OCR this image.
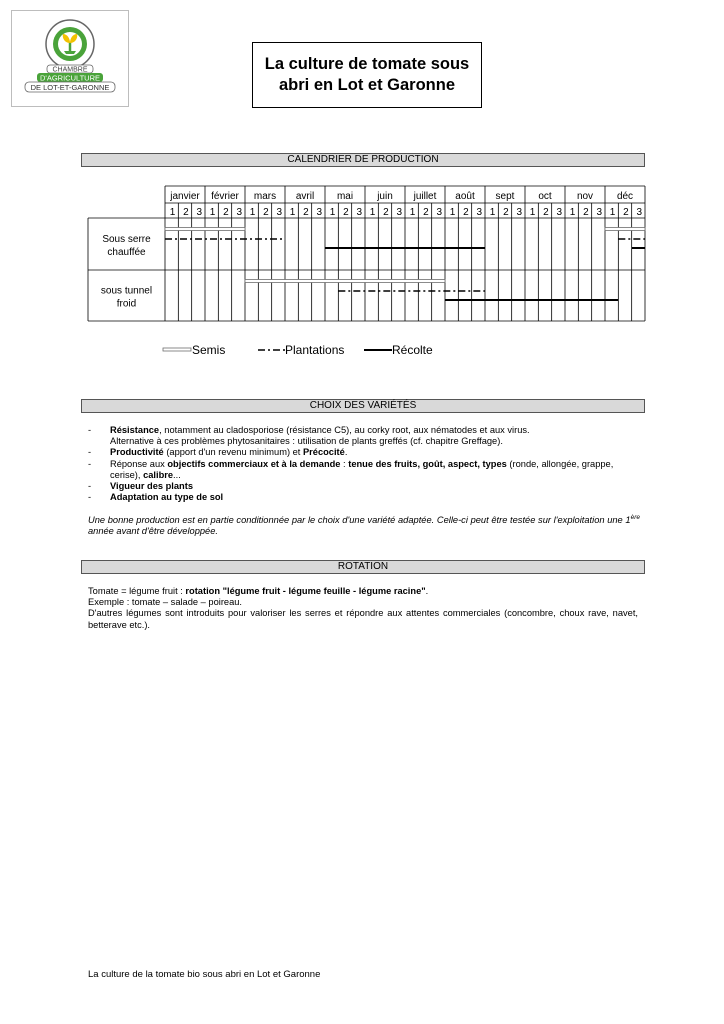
CHAMBRE
D'AGRICULTURE
DE LOT-ET-GARONNE
La culture de tomate sous
abri en Lot et Garonne
CALENDRIER DE PRODUCTION
janvier
1 2 3
février
1 2 3
mars
1 2 3
avril
1 2 3
mai
1 2 3
juin
1 2 3
juillet
1 2 3
août
1 2 3
sept
1 2 3
oct
1 2 3
nov
1 2 3
déc
1 2 3
Sous serre
chauffée
sous tunnel
froid
Semis	Plantations	Récolte
CHOIX DES VARIÉTÉS
- Résistance, notamment au cladosporiose (résistance C5), au corky root, aux nématodes et aux virus.
Alternative à ces problèmes phytosanitaires : utilisation de plants greffés (cf. chapitre Greffage).
- Productivité (apport d'un revenu minimum) et Précocité.
- Réponse aux objectifs commerciaux et à la demande : tenue des fruits, goût, aspect, types (ronde, allongée, grappe,
cerise), calibre...
- Vigueur des plants
- Adaptation au type de sol
Une bonne production est en partie conditionnée par le choix d'une variété adaptée. Celle-ci peut être testée sur l'exploitation une 1ère année avant d'être développée.
ROTATION
Tomate = légume fruit : rotation "légume fruit - légume feuille - légume racine".
Exemple : tomate – salade – poireau.
D'autres légumes sont introduits pour valoriser les serres et répondre aux attentes commerciales (concombre, choux rave, navet, betterave etc.).
La culture de la tomate bio sous abri en Lot et Garonne
